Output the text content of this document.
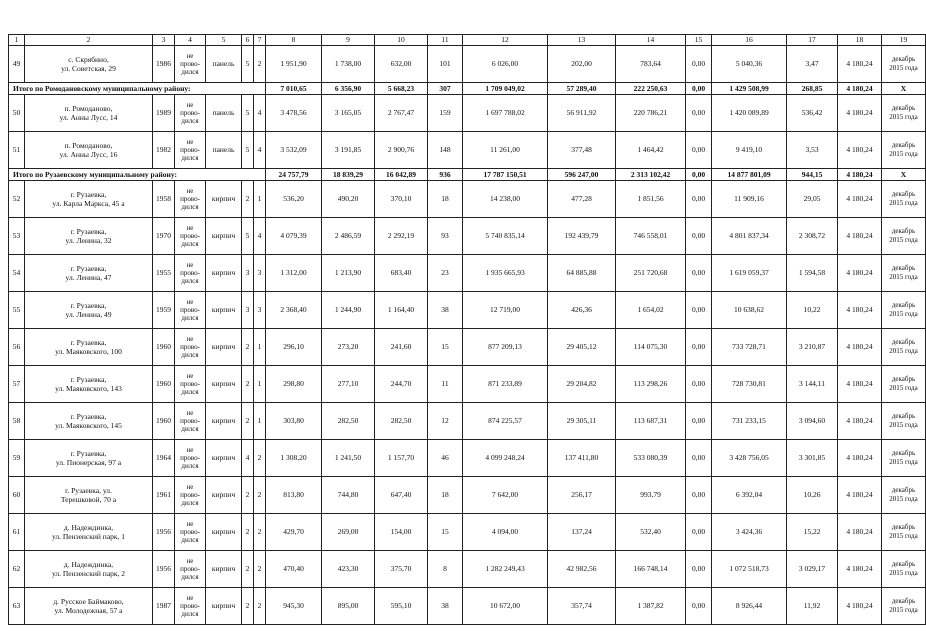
1	2	3	4	5	6	7	8	9	10	11	12	13	14	15	16	17	18	19
49	с. Скрябино,
ул. Советская, 29	1986	не
прово-
дился	панель	5	2	1 951,90	1 738,00	632,00	101	6 026,00	202,00	783,64	0,00	5 040,36	3,47	4 180,24	декабрь
2015 года
Итого по Ромодановскому муниципальному району:							7 010,65	6 356,90	5 668,23	307	1 709 049,02	57 289,40	222 250,63	0,00	1 429 508,99	268,85	4 180,24	X
50	п. Ромоданово,
ул. Анны Лусс, 14	1989	не
прово-
дился	панель	5	4	3 478,56	3 165,05	2 767,47	159	1 697 788,02	56 911,92	220 786,21	0,00	1 420 089,89	536,42	4 180,24	декабрь
2015 года
51	п. Ромоданово,
ул. Анны Лусс, 16	1982	не
прово-
дился	панель	5	4	3 532,09	3 191,85	2 900,76	148	11 261,00	377,48	1 464,42	0,00	9 419,10	3,53	4 180,24	декабрь
2015 года
Итого по Рузаевскому муниципальному району:							24 757,79	18 839,29	16 042,89	936	17 787 150,51	596 247,00	2 313 102,42	0,00	14 877 801,09	944,15	4 180,24	X
52	г. Рузаевка,
ул. Карла Маркса, 45 а	1958	не
прово-
дился	кирпич	2	1	536,20	490,20	370,10	18	14 238,00	477,28	1 851,56	0,00	11 909,16	29,05	4 180,24	декабрь
2015 года
53	г. Рузаевка,
ул. Ленина, 32	1970	не
прово-
дился	кирпич	5	4	4 079,39	2 486,59	2 292,19	93	5 740 835,14	192 439,79	746 558,01	0,00	4 801 837,34	2 308,72	4 180,24	декабрь
2015 года
54	г. Рузаевка,
ул. Ленина, 47	1955	не
прово-
дился	кирпич	3	3	1 312,00	1 213,90	683,40	23	1 935 665,93	64 885,88	251 720,68	0,00	1 619 059,37	1 594,58	4 180,24	декабрь
2015 года
55	г. Рузаевка,
ул. Ленина, 49	1959	не
прово-
дился	кирпич	3	3	2 368,40	1 244,90	1 164,40	38	12 719,00	426,36	1 654,02	0,00	10 638,62	10,22	4 180,24	декабрь
2015 года
56	г. Рузаевка,
ул. Маяковского, 100	1960	не
прово-
дился	кирпич	2	1	296,10	273,20	241,60	15	877 209,13	29 405,12	114 075,30	0,00	733 728,71	3 210,87	4 180,24	декабрь
2015 года
57	г. Рузаевка,
ул. Маяковского, 143	1960	не
прово-
дился	кирпич	2	1	298,80	277,10	244,70	11	871 233,89	29 204,82	113 298,26	0,00	728 730,81	3 144,11	4 180,24	декабрь
2015 года
58	г. Рузаевка,
ул. Маяковского, 145	1960	не
прово-
дился	кирпич	2	1	303,80	282,50	282,50	12	874 225,57	29 305,11	113 687,31	0,00	731 233,15	3 094,60	4 180,24	декабрь
2015 года
59	г. Рузаевка,
ул. Пионерская, 97 а	1964	не
прово-
дился	кирпич	4	2	1 308,20	1 241,50	1 157,70	46	4 099 248,24	137 411,80	533 080,39	0,00	3 428 756,05	3 301,85	4 180,24	декабрь
2015 года
60	г. Рузаевка, ул.
Терешковой, 70 а	1961	не
прово-
дился	кирпич	2	2	813,80	744,80	647,40	18	7 642,00	256,17	993,79	0,00	6 392,04	10,26	4 180,24	декабрь
2015 года
61	д. Надеждинка,
ул. Пензенский парк, 1	1956	не
прово-
дился	кирпич	2	2	429,70	269,00	154,00	15	4 094,00	137,24	532,40	0,00	3 424,36	15,22	4 180,24	декабрь
2015 года
62	д. Надеждинка,
ул. Пензенский парк, 2	1956	не
прово-
дился	кирпич	2	2	470,40	423,30	375,70	8	1 282 249,43	42 982,56	166 748,14	0,00	1 072 518,73	3 029,17	4 180,24	декабрь
2015 года
63	д. Русское Баймаково,
ул. Молодежная, 57 а	1987	не
прово-
дился	кирпич	2	2	945,30	895,00	595,10	38	10 672,00	357,74	1 387,82	0,00	8 926,44	11,92	4 180,24	декабрь
2015 года
